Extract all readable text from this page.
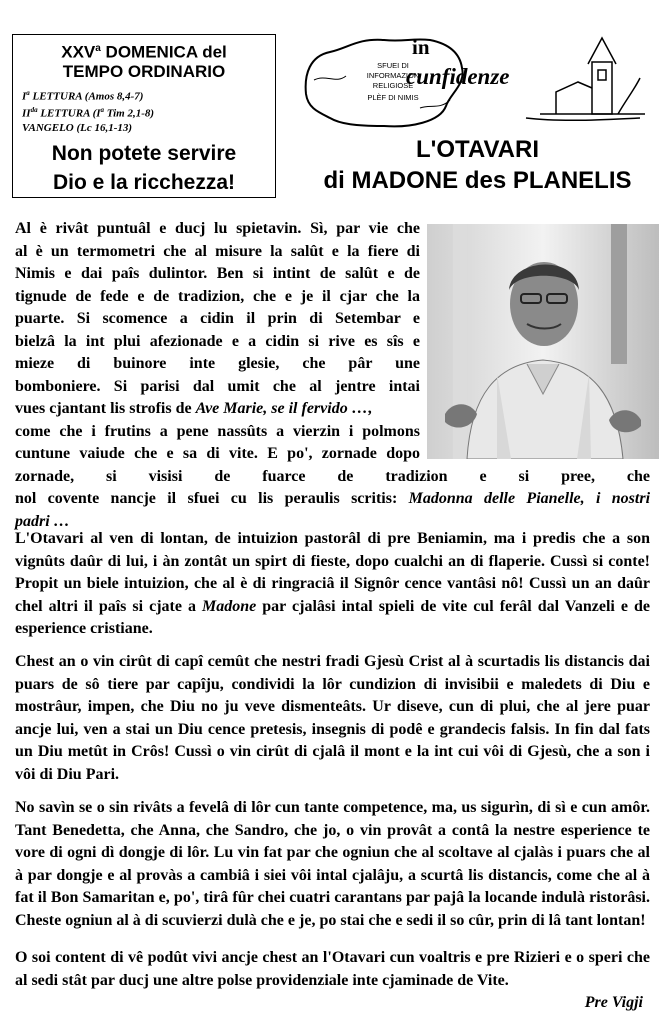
XXV$^a$ DOMENICA del
TEMPO ORDINARIO
$I^a$ LETTURA (Amos 8,4-7)
$II^{da}$ LETTURA ($I^a$ Tim 2,1-8)
VANGELO (Lc 16,1-13)
Non potete servire
Dio e la ricchezza!
SFUEI DI
INFORMAZION
RELIGIOSE
PLÈF DI NIMIS
in
cunfidenze
L'OTAVARI
di MADONE des PLANELIS
Al è rivât puntuâl e ducj lu spietavin. Sì, par vie che
al è un termometri che al misure la salût e la fiere di
Nimis e dai paîs dulintor. Ben si intint de salût e de
tignude de fede e de tradizion, che e je il cjar che la
puarte. Si scomence a cidin il prin di Setembar e
bielzâ la int plui afezionade e a cidin si rive es sîs e
mieze di buinore inte glesie, che pâr une
bomboniere. Si parisi dal umit che al jentre intai
vues cjantant lis strofis de Ave Marie, se il fervido …,
come che i frutins a pene nassûts a vierzin i polmons
cuntune vaiude che e sa di vite. E po', zornade dopo
zornade, si visisi de fuarce de tradizion e si pree, che
nol covente nancje il sfuei cu lis peraulis scritis: Madonna delle Pianelle, i nostri
padri …

L'Otavari al ven di lontan, de intuizion pastorâl di pre Beniamin, ma i predis che a son vignûts daûr di lui, i àn zontât un spirt di fieste, dopo cualchi an di flaperie. Cussì si conte! Propit un biele intuizion, che al è di ringraciâ il Signôr cence vantâsi nô! Cussì un an daûr chel altri il paîs si cjate a Madone par cjalâsi intal spieli de vite cul ferâl dal Vanzeli e de esperience cristiane.

Chest an o vin cirût di capî cemût che nestri fradi Gjesù Crist al à scurtadis lis distancis dai puars de sô tiere par capîju, condividi la lôr cundizion di invisibii e maledets di Diu e mostrâur, impen, che Diu no ju veve dismenteâts. Ur diseve, cun di plui, che al jere puar ancje lui, ven a stai un Diu cence pretesis, insegnis di podê e grandecis falsis. In fin dal fats un Diu metût in Crôs! Cussì o vin cirût di cjalâ il mont e la int cui vôi di Gjesù, che a son i vôi di Diu Pari.

No savìn se o sin rivâts a fevelâ di lôr cun tante competence, ma, us sigurìn, di sì e cun amôr. Tant Benedetta, che Anna, che Sandro, che jo, o vin provât a contâ la nestre esperience te vore di ogni dì dongje di lôr. Lu vin fat par che ogniun che al scoltave al cjalàs i puars che al à par dongje e al provàs a cambiâ i siei vôi intal cjalâju, a scurtâ lis distancis, come che al à fat il Bon Samaritan e, po', tirâ fûr chei cuatri carantans par pajâ la locande indulà ristorâsi. Cheste ogniun al à di scuvierzi dulà che e je, po stai che e sedi il so cûr, prin di lâ tant lontan!

O soi content di vê podût vivi ancje chest an l'Otavari cun voaltris e pre Rizieri e o speri che al sedi stât par ducj une altre polse providenziale inte cjaminade de Vite.

Pre Vigji
